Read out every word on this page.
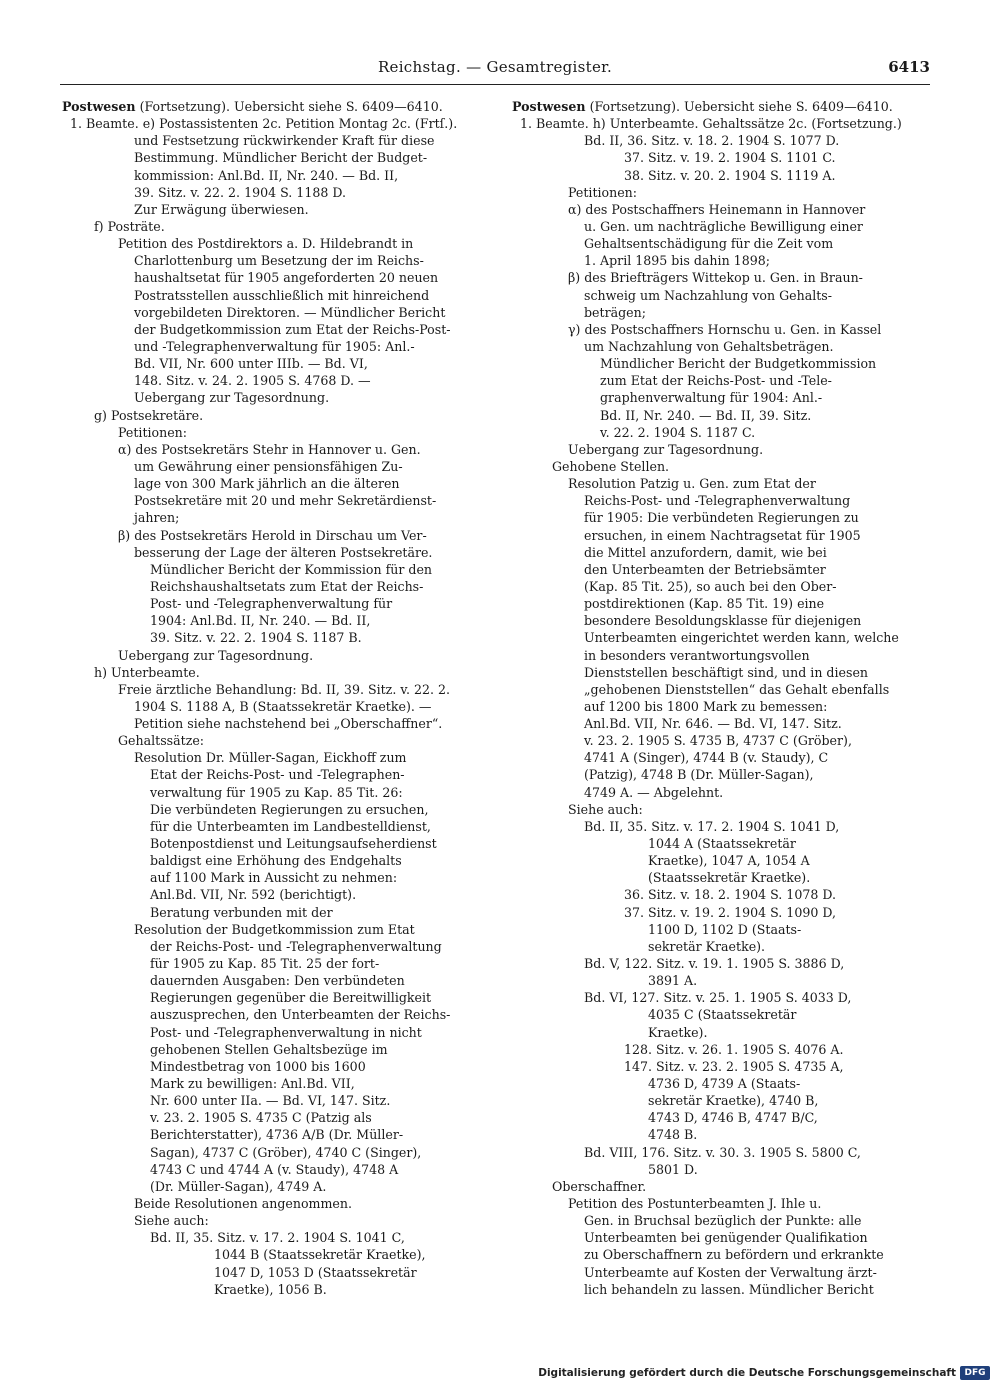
Reichstag. — Gesamtregister.	6413
Postwesen (Fortsetzung). Uebersicht siehe S. 6409—6410.
1. Beamte. e) Postassistenten 2c. Petition Montag 2c. (Frtſ.).
und Festsetzung rückwirkender Kraft für diese
Bestimmung. Mündlicher Bericht der Budget-
kommission: Anl.Bd. II, Nr. 240. — Bd. II,
39. Sitz. v. 22. 2. 1904 S. 1188 D.
Zur Erwägung überwiesen.
f) Posträte.
Petition des Postdirektors a. D. Hildebrandt in
Charlottenburg um Besetzung der im Reichs-
haushaltsetat für 1905 angeforderten 20 neuen
Postratsstellen ausschließlich mit hinreichend
vorgebildeten Direktoren. — Mündlicher Bericht
der Budgetkommission zum Etat der Reichs-Post-
und -Telegraphenverwaltung für 1905: Anl.-
Bd. VII, Nr. 600 unter IIIb. — Bd. VI,
148. Sitz. v. 24. 2. 1905 S. 4768 D. —
Uebergang zur Tagesordnung.
g) Postsekretäre.
Petitionen:
α) des Postsekretärs Stehr in Hannover u. Gen.
um Gewährung einer pensionsfähigen Zu-
lage von 300 Mark jährlich an die älteren
Postsekretäre mit 20 und mehr Sekretärdienst-
jahren;
β) des Postsekretärs Herold in Dirschau um Ver-
besserung der Lage der älteren Postsekretäre.
Mündlicher Bericht der Kommission für den
Reichshaushaltsetats zum Etat der Reichs-
Post- und -Telegraphenverwaltung für
1904: Anl.Bd. II, Nr. 240. — Bd. II,
39. Sitz. v. 22. 2. 1904 S. 1187 B.
Uebergang zur Tagesordnung.
h) Unterbeamte.
Freie ärztliche Behandlung: Bd. II, 39. Sitz. v. 22. 2.
1904 S. 1188 A, B (Staatssekretär Kraetke). —
Petition siehe nachstehend bei „Oberschaffner“.
Gehaltssätze:
Resolution Dr. Müller-Sagan, Eickhoff zum
Etat der Reichs-Post- und -Telegraphen-
verwaltung für 1905 zu Kap. 85 Tit. 26:
Die verbündeten Regierungen zu ersuchen,
für die Unterbeamten im Landbestelldienst,
Botenpostdienst und Leitungsaufseherdienst
baldigst eine Erhöhung des Endgehalts
auf 1100 Mark in Aussicht zu nehmen:
Anl.Bd. VII, Nr. 592 (berichtigt).
Beratung verbunden mit der
Resolution der Budgetkommission zum Etat
der Reichs-Post- und -Telegraphenverwaltung
für 1905 zu Kap. 85 Tit. 25 der fort-
dauernden Ausgaben: Den verbündeten
Regierungen gegenüber die Bereitwilligkeit
auszusprechen, den Unterbeamten der Reichs-
Post- und -Telegraphenverwaltung in nicht
gehobenen Stellen Gehaltsbezüge im
Mindestbetrag von 1000 bis 1600
Mark zu bewilligen: Anl.Bd. VII,
Nr. 600 unter IIa. — Bd. VI, 147. Sitz.
v. 23. 2. 1905 S. 4735 C (Patzig als
Berichterstatter), 4736 A/B (Dr. Müller-
Sagan), 4737 C (Gröber), 4740 C (Singer),
4743 C und 4744 A (v. Staudy), 4748 A
(Dr. Müller-Sagan), 4749 A.
Beide Resolutionen angenommen.
Siehe auch:
Bd. II, 35. Sitz. v. 17. 2. 1904 S. 1041 C,
1044 B (Staatssekretär Kraetke),
1047 D, 1053 D (Staatssekretär
Kraetke), 1056 B.
Postwesen (Fortsetzung). Uebersicht siehe S. 6409—6410.
1. Beamte. h) Unterbeamte. Gehaltssätze 2c. (Fortsetzung.)
Bd. II, 36. Sitz. v. 18. 2. 1904 S. 1077 D.
37. Sitz. v. 19. 2. 1904 S. 1101 C.
38. Sitz. v. 20. 2. 1904 S. 1119 A.
Petitionen:
α) des Postschaffners Heinemann in Hannover
u. Gen. um nachträgliche Bewilligung einer
Gehaltsentschädigung für die Zeit vom
1. April 1895 bis dahin 1898;
β) des Briefträgers Wittekop u. Gen. in Braun-
schweig um Nachzahlung von Gehalts-
beträgen;
γ) des Postschaffners Hornschu u. Gen. in Kassel
um Nachzahlung von Gehaltsbeträgen.
Mündlicher Bericht der Budgetkommission
zum Etat der Reichs-Post- und -Tele-
graphenverwaltung für 1904: Anl.-
Bd. II, Nr. 240. — Bd. II, 39. Sitz.
v. 22. 2. 1904 S. 1187 C.
Uebergang zur Tagesordnung.
Gehobene Stellen.
Resolution Patzig u. Gen. zum Etat der
Reichs-Post- und -Telegraphenverwaltung
für 1905: Die verbündeten Regierungen zu
ersuchen, in einem Nachtragsetat für 1905
die Mittel anzufordern, damit, wie bei
den Unterbeamten der Betriebsämter
(Kap. 85 Tit. 25), so auch bei den Ober-
postdirektionen (Kap. 85 Tit. 19) eine
besondere Besoldungsklasse für diejenigen
Unterbeamten eingerichtet werden kann, welche
in besonders verantwortungsvollen
Dienststellen beschäftigt sind, und in diesen
„gehobenen Dienststellen“ das Gehalt ebenfalls
auf 1200 bis 1800 Mark zu bemessen:
Anl.Bd. VII, Nr. 646. — Bd. VI, 147. Sitz.
v. 23. 2. 1905 S. 4735 B, 4737 C (Gröber),
4741 A (Singer), 4744 B (v. Staudy), C
(Patzig), 4748 B (Dr. Müller-Sagan),
4749 A. — Abgelehnt.
Siehe auch:
Bd. II, 35. Sitz. v. 17. 2. 1904 S. 1041 D,
1044 A (Staatssekretär
Kraetke), 1047 A, 1054 A
(Staatssekretär Kraetke).
36. Sitz. v. 18. 2. 1904 S. 1078 D.
37. Sitz. v. 19. 2. 1904 S. 1090 D,
1100 D, 1102 D (Staats-
sekretär Kraetke).
Bd. V, 122. Sitz. v. 19. 1. 1905 S. 3886 D,
3891 A.
Bd. VI, 127. Sitz. v. 25. 1. 1905 S. 4033 D,
4035 C (Staatssekretär
Kraetke).
128. Sitz. v. 26. 1. 1905 S. 4076 A.
147. Sitz. v. 23. 2. 1905 S. 4735 A,
4736 D, 4739 A (Staats-
sekretär Kraetke), 4740 B,
4743 D, 4746 B, 4747 B/C,
4748 B.
Bd. VIII, 176. Sitz. v. 30. 3. 1905 S. 5800 C,
5801 D.
Oberschaffner.
Petition des Postunterbeamten J. Ihle u.
Gen. in Bruchsal bezüglich der Punkte: alle
Unterbeamten bei genügender Qualifikation
zu Oberschaffnern zu befördern und erkrankte
Unterbeamte auf Kosten der Verwaltung ärzt-
lich behandeln zu lassen. Mündlicher Bericht
Digitalisierung gefördert durch die Deutsche Forschungsgemeinschaft DFG
